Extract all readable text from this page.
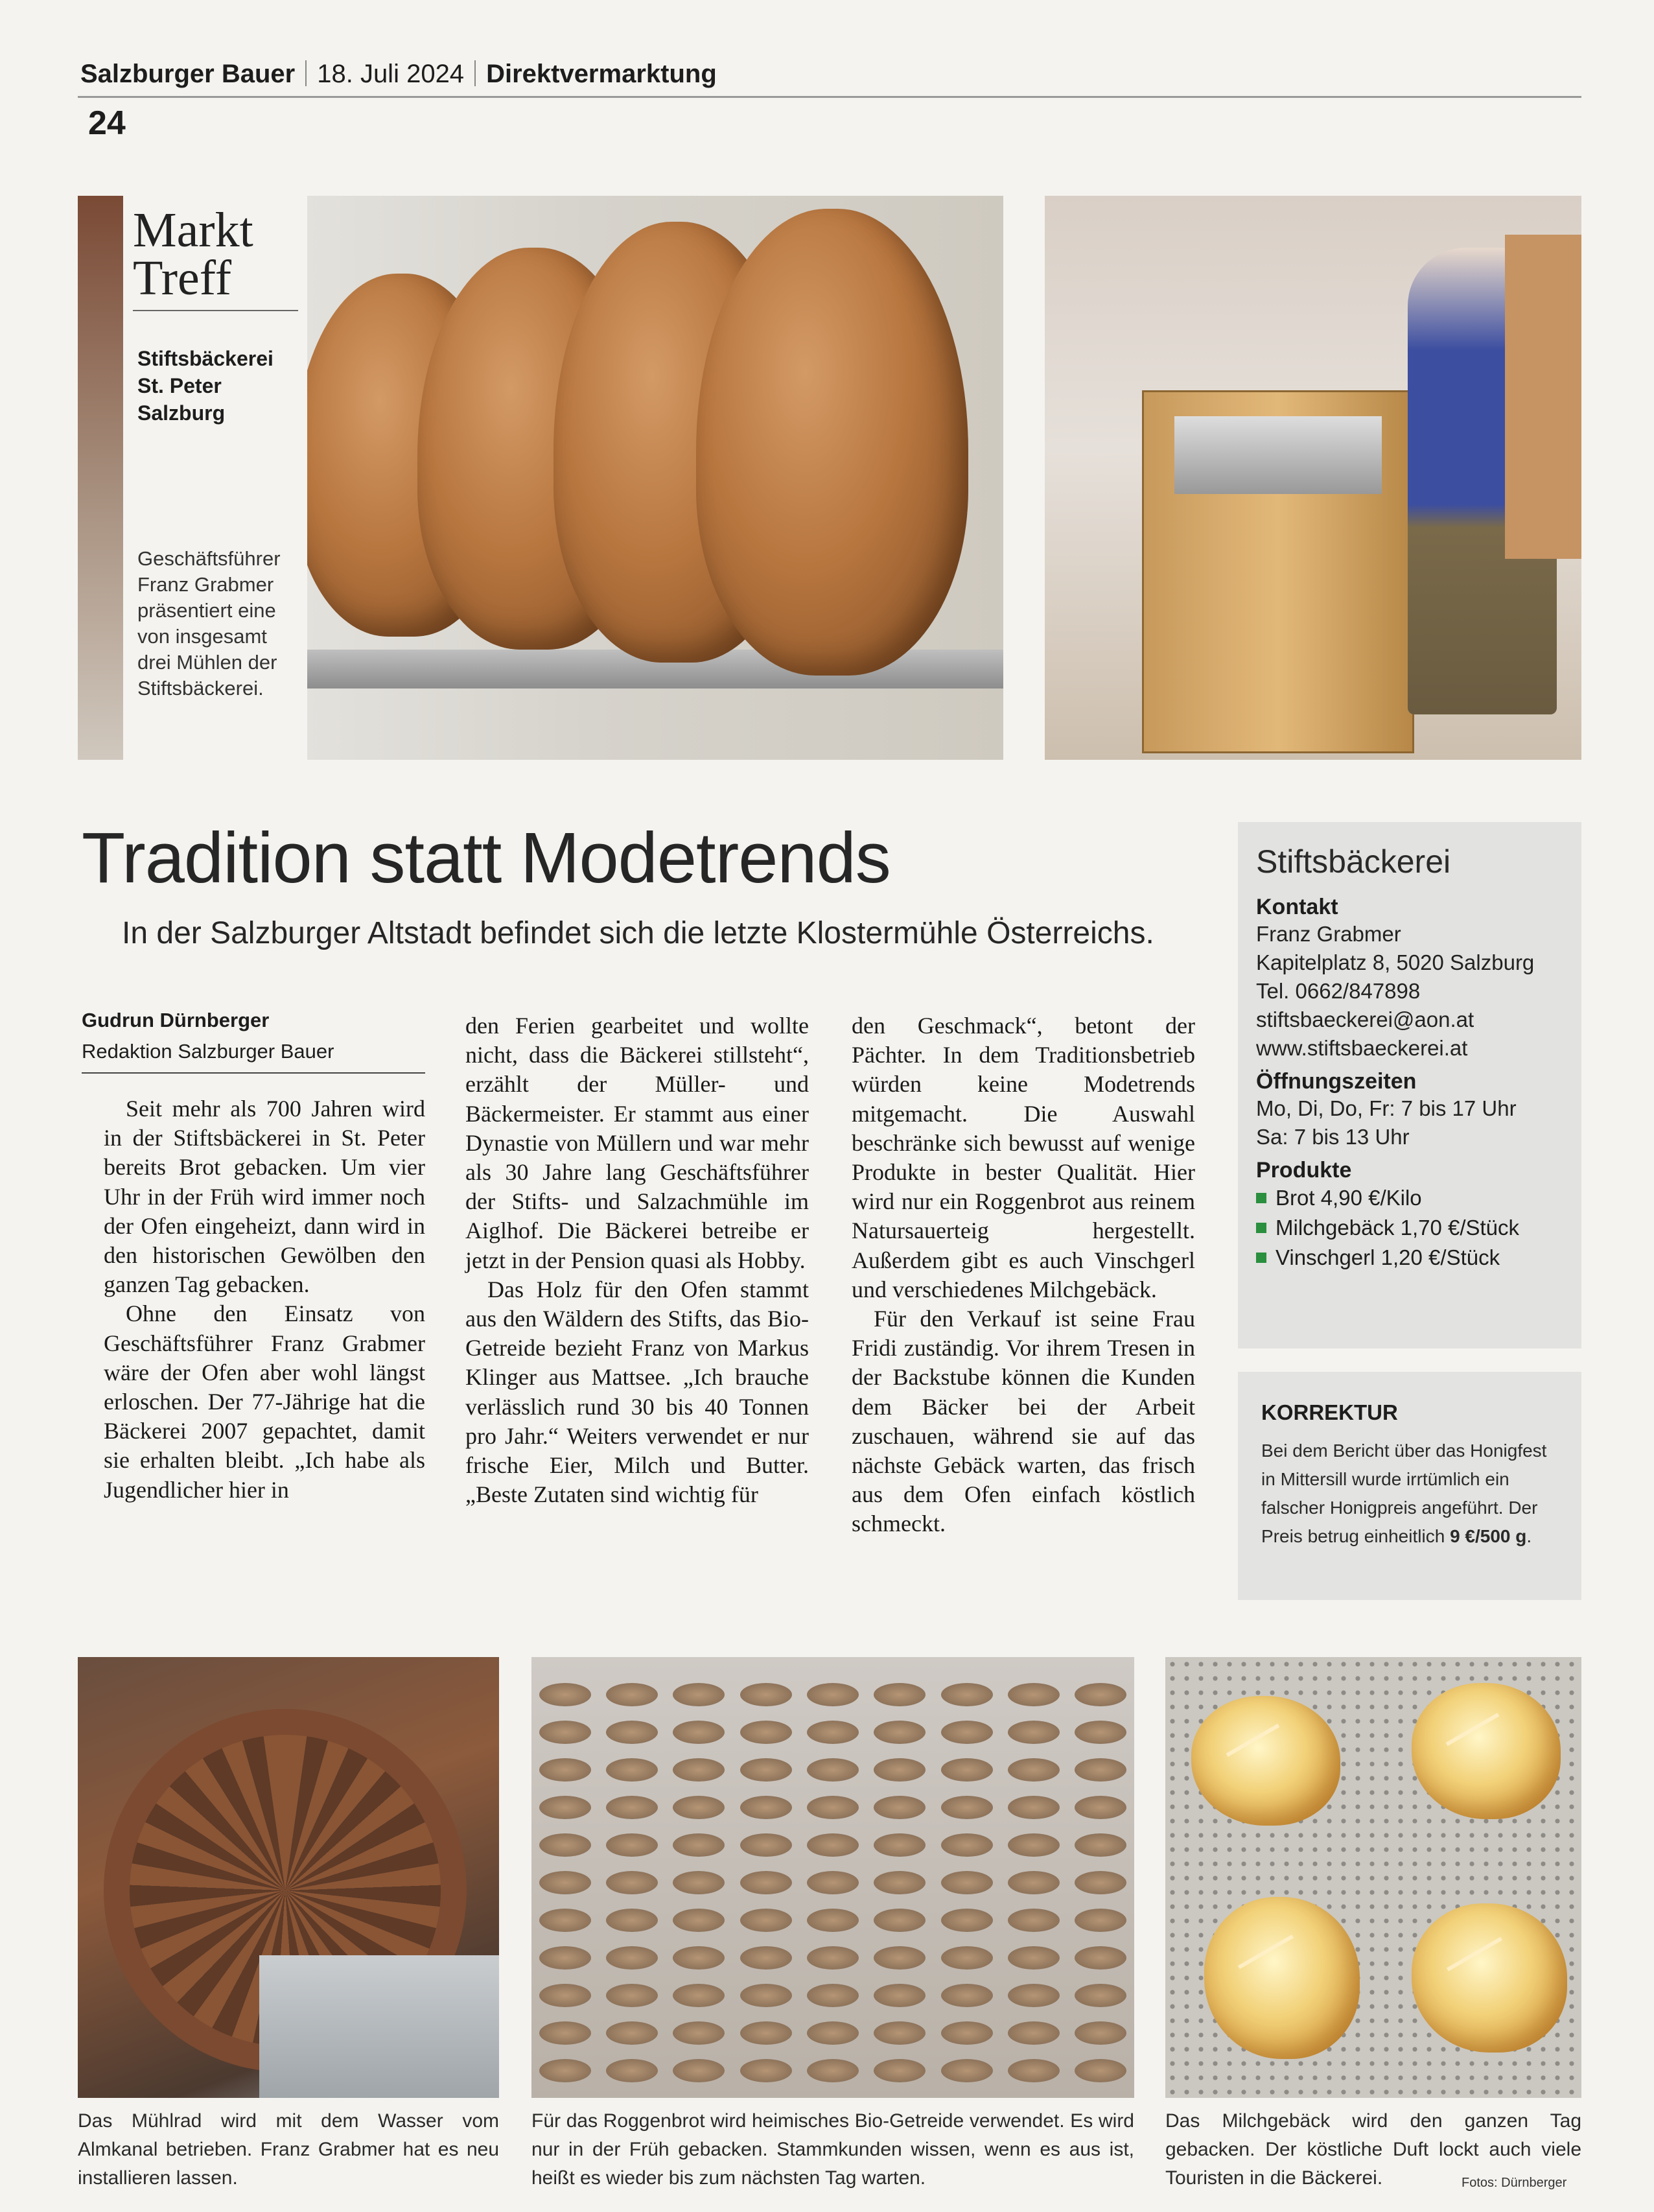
Salzburger Bauer 18. Juli 2024 Direktvermarktung
24
Markt
Treff
Stiftsbäckerei
St. Peter
Salzburg
Geschäftsführer
Franz Grabmer
präsentiert eine
von insgesamt
drei Mühlen der
Stiftsbäckerei.
Tradition statt Modetrends
In der Salzburger Altstadt befindet sich die letzte Klostermühle Österreichs.
Gudrun Dürnberger
Redaktion Salzburger Bauer

Seit mehr als 700 Jahren wird in der Stiftsbäckerei in St. Peter bereits Brot gebacken. Um vier Uhr in der Früh wird immer noch der Ofen eingeheizt, dann wird in den historischen Gewölben den ganzen Tag gebacken.

Ohne den Einsatz von Geschäftsführer Franz Grabmer wäre der Ofen aber wohl längst erloschen. Der 77-Jährige hat die Bäckerei 2007 gepachtet, damit sie erhalten bleibt. „Ich habe als Jugendlicher hier in

den Ferien gearbeitet und wollte nicht, dass die Bäckerei stillsteht“, erzählt der Müller- und Bäckermeister. Er stammt aus einer Dynastie von Müllern und war mehr als 30 Jahre lang Geschäftsführer der Stifts- und Salzachmühle im Aiglhof. Die Bäckerei betreibe er jetzt in der Pension quasi als Hobby.

Das Holz für den Ofen stammt aus den Wäldern des Stifts, das Bio-Getreide bezieht Franz von Markus Klinger aus Mattsee. „Ich brauche verlässlich rund 30 bis 40 Tonnen pro Jahr.“ Weiters verwendet er nur frische Eier, Milch und Butter. „Beste Zutaten sind wichtig für

den Geschmack“, betont der Pächter. In dem Traditionsbetrieb würden keine Modetrends mitgemacht. Die Auswahl beschränke sich bewusst auf wenige Produkte in bester Qualität. Hier wird nur ein Roggenbrot aus reinem Natursauerteig hergestellt. Außerdem gibt es auch Vinschgerl und verschiedenes Milchgebäck.

Für den Verkauf ist seine Frau Fridi zuständig. Vor ihrem Tresen in der Backstube können die Kunden dem Bäcker bei der Arbeit zuschauen, während sie auf das nächste Gebäck warten, das frisch aus dem Ofen einfach köstlich schmeckt.

Stiftsbäckerei
Kontakt
Franz Grabmer
Kapitelplatz 8, 5020 Salzburg
Tel. 0662/847898
stiftsbaeckerei@aon.at
www.stiftsbaeckerei.at
Öffnungszeiten
Mo, Di, Do, Fr: 7 bis 17 Uhr
Sa: 7 bis 13 Uhr
Produkte
Brot 4,90 €/Kilo
Milchgebäck 1,70 €/Stück
Vinschgerl 1,20 €/Stück
KORREKTUR
Bei dem Bericht über das Honigfest in Mittersill wurde irrtümlich ein falscher Honigpreis angeführt. Der Preis betrug einheitlich 9 €/500 g.
Das Mühlrad wird mit dem Wasser vom Almkanal betrieben. Franz Grabmer hat es neu installieren lassen.
Für das Roggenbrot wird heimisches Bio-Getreide verwendet. Es wird nur in der Früh gebacken. Stammkunden wissen, wenn es aus ist, heißt es wieder bis zum nächsten Tag warten.
Das Milchgebäck wird den ganzen Tag gebacken. Der köstliche Duft lockt auch viele Touristen in die Bäckerei.	Fotos: Dürnberger
